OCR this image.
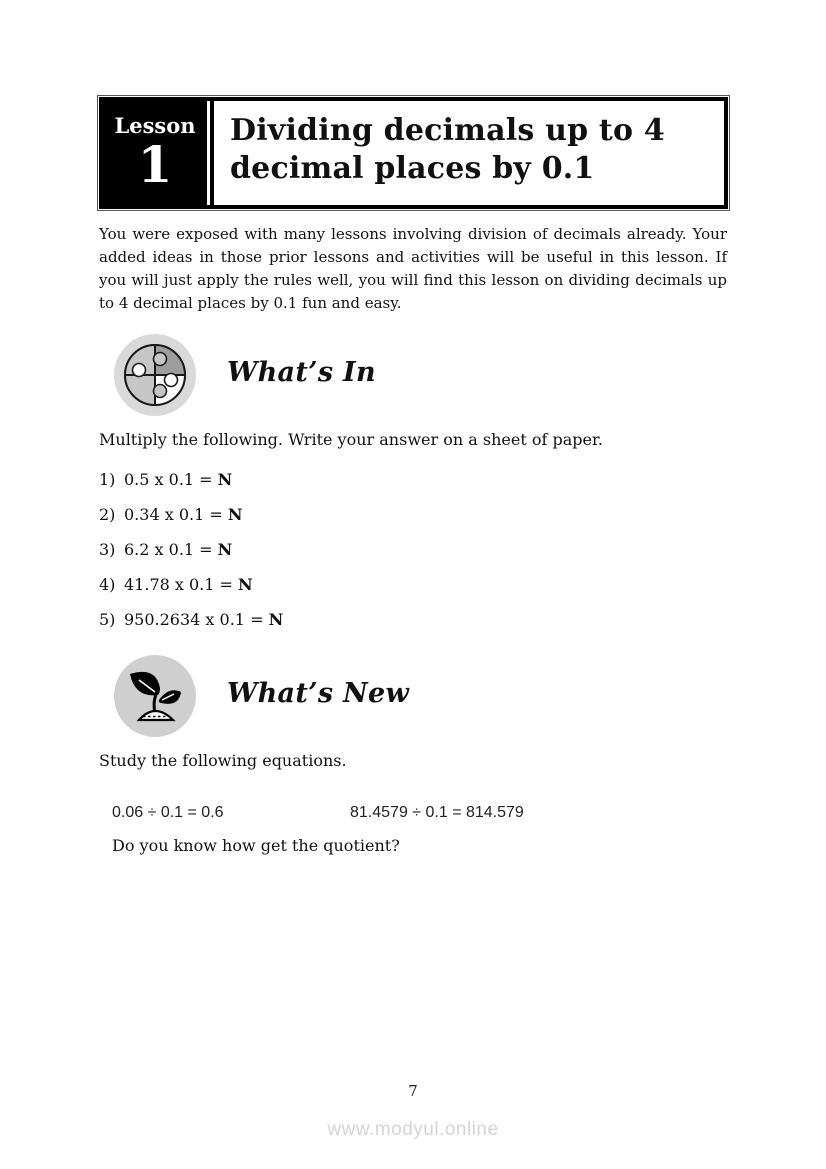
Lesson
1
Dividing decimals up to 4
decimal places by 0.1

You were exposed with many lessons involving division of decimals already. Your added ideas in those prior lessons and activities will be useful in this lesson. If you will just apply the rules well, you will find this lesson on dividing decimals up to 4 decimal places by 0.1 fun and easy.

What’s In

Multiply the following. Write your answer on a sheet of paper.

1) 0.5 x 0.1 = N
2) 0.34 x 0.1 = N
3) 6.2 x 0.1 = N
4) 41.78 x 0.1 = N
5) 950.2634 x 0.1 = N
What’s New

Study the following equations.

0.06 ÷ 0.1 = 0.6	81.4579 ÷ 0.1 = 814.579

Do you know how get the quotient?

7
www.modyul.online
